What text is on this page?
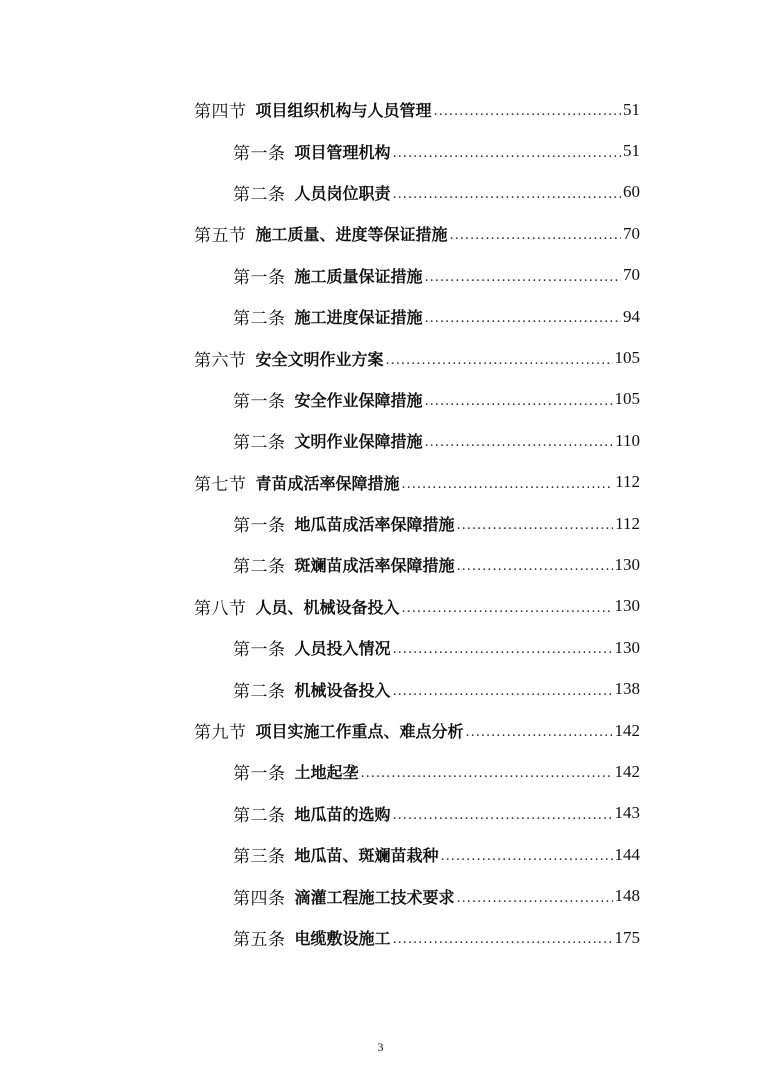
第四节 项目组织机构与人员管理 .....	51
第一条 项目管理机构 .....	51
第二条 人员岗位职责 .....	60
第五节 施工质量、进度等保证措施 .....	70
第一条 施工质量保证措施 .....	70
第二条 施工进度保证措施 .....	94
第六节 安全文明作业方案 .....	105
第一条 安全作业保障措施 .....	105
第二条 文明作业保障措施 .....	110
第七节 青苗成活率保障措施 .....	112
第一条 地瓜苗成活率保障措施 .....	112
第二条 斑斓苗成活率保障措施 .....	130
第八节 人员、机械设备投入 .....	130
第一条 人员投入情况 .....	130
第二条 机械设备投入 .....	138
第九节 项目实施工作重点、难点分析 .....	142
第一条 土地起垄 .....	142
第二条 地瓜苗的选购 .....	143
第三条 地瓜苗、斑斓苗栽种 .....	144
第四条 滴灌工程施工技术要求 .....	148
第五条 电缆敷设施工 .....	175
3
